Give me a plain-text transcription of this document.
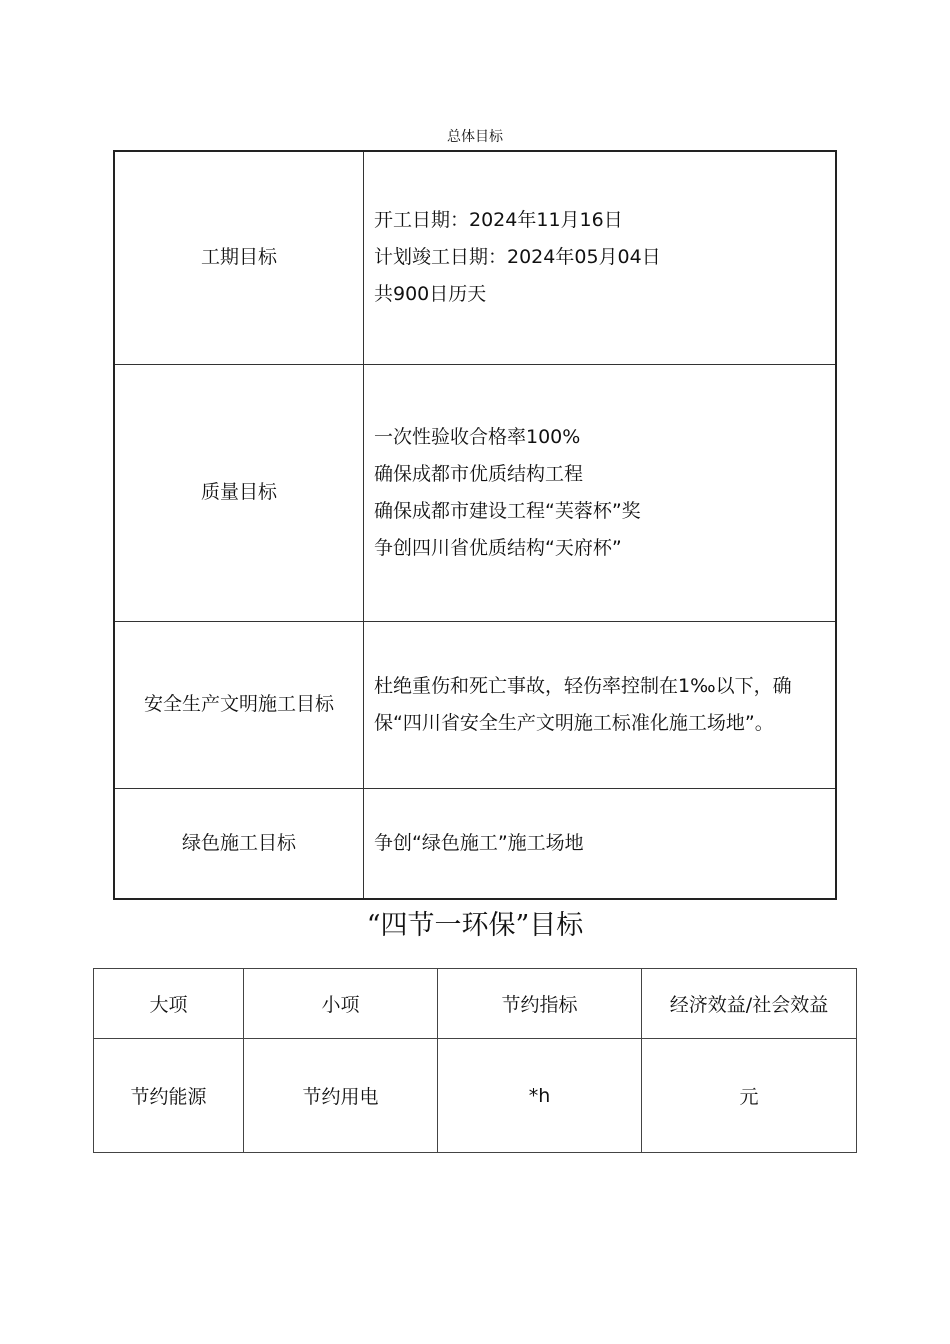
总体目标
工期目标	开工日期：2024年11月16日
计划竣工日期：2024年05月04日
共900日历天

质量目标	一次性验收合格率100%
确保成都市优质结构工程
确保成都市建设工程“芙蓉杯”奖
争创四川省优质结构“天府杯”

安全生产文明施工目标	杜绝重伤和死亡事故，轻伤率控制在1‰以下，确保“四川省安全生产文明施工标准化施工场地”。

绿色施工目标	争创“绿色施工”施工场地
“四节一环保”目标
大项	小项	节约指标	经济效益/社会效益
节约能源	节约用电	*h	元
